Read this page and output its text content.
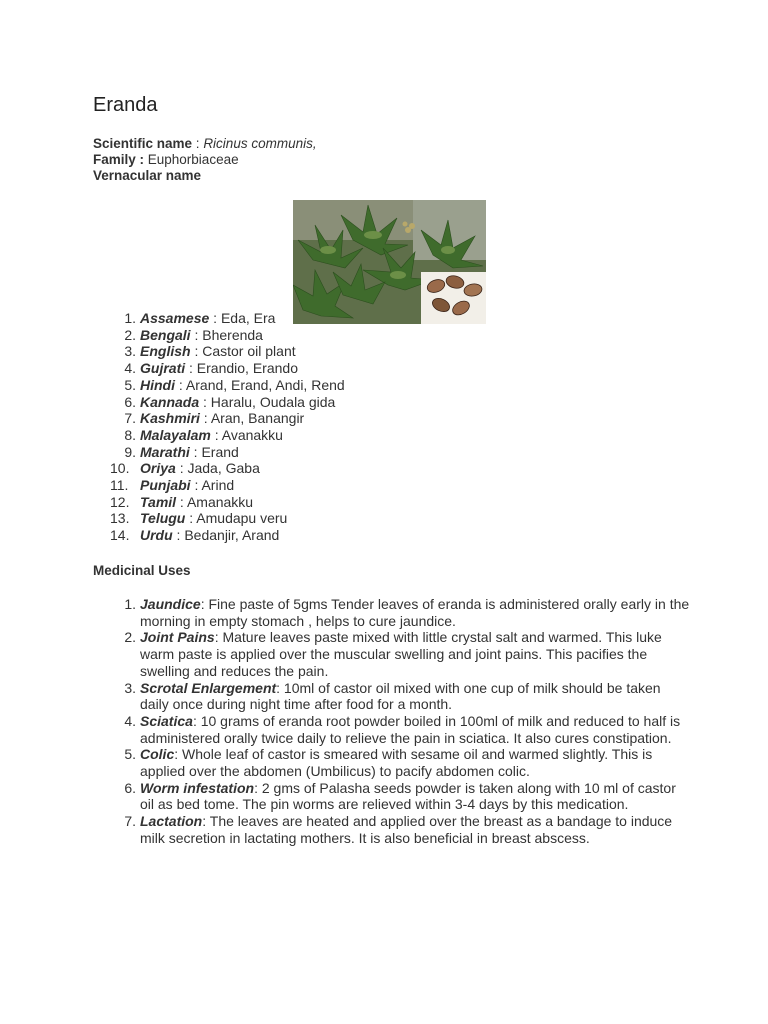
Eranda
Scientific name : Ricinus communis,
Family : Euphorbiaceae
Vernacular name
1. Assamese : Eda, Era
2. Bengali : Bherenda
3. English : Castor oil plant
4. Gujrati : Erandio, Erando
5. Hindi : Arand, Erand, Andi, Rend
6. Kannada : Haralu, Oudala gida
7. Kashmiri : Aran, Banangir
8. Malayalam : Avanakku
9. Marathi : Erand
10. Oriya : Jada, Gaba
11. Punjabi : Arind
12. Tamil : Amanakku
13. Telugu : Amudapu veru
14. Urdu : Bedanjir, Arand
Medicinal Uses
1. Jaundice: Fine paste of 5gms Tender leaves of eranda is administered orally early in the morning in empty stomach , helps to cure jaundice.
2. Joint Pains: Mature leaves paste mixed with little crystal salt and warmed. This luke warm paste is applied over the muscular swelling and joint pains. This pacifies the swelling and reduces the pain.
3. Scrotal Enlargement: 10ml of castor oil mixed with one cup of milk should be taken daily once during night time after food for a month.
4. Sciatica: 10 grams of eranda root powder boiled in 100ml of milk and reduced to half is administered orally twice daily to relieve the pain in sciatica. It also cures constipation.
5. Colic: Whole leaf of castor is smeared with sesame oil and warmed slightly. This is applied over the abdomen (Umbilicus) to pacify abdomen colic.
6. Worm infestation: 2 gms of Palasha seeds powder is taken along with 10 ml of castor oil as bed tome. The pin worms are relieved within 3-4 days by this medication.
7. Lactation: The leaves are heated and applied over the breast as a bandage to induce milk secretion in lactating mothers. It is also beneficial in breast abscess.
